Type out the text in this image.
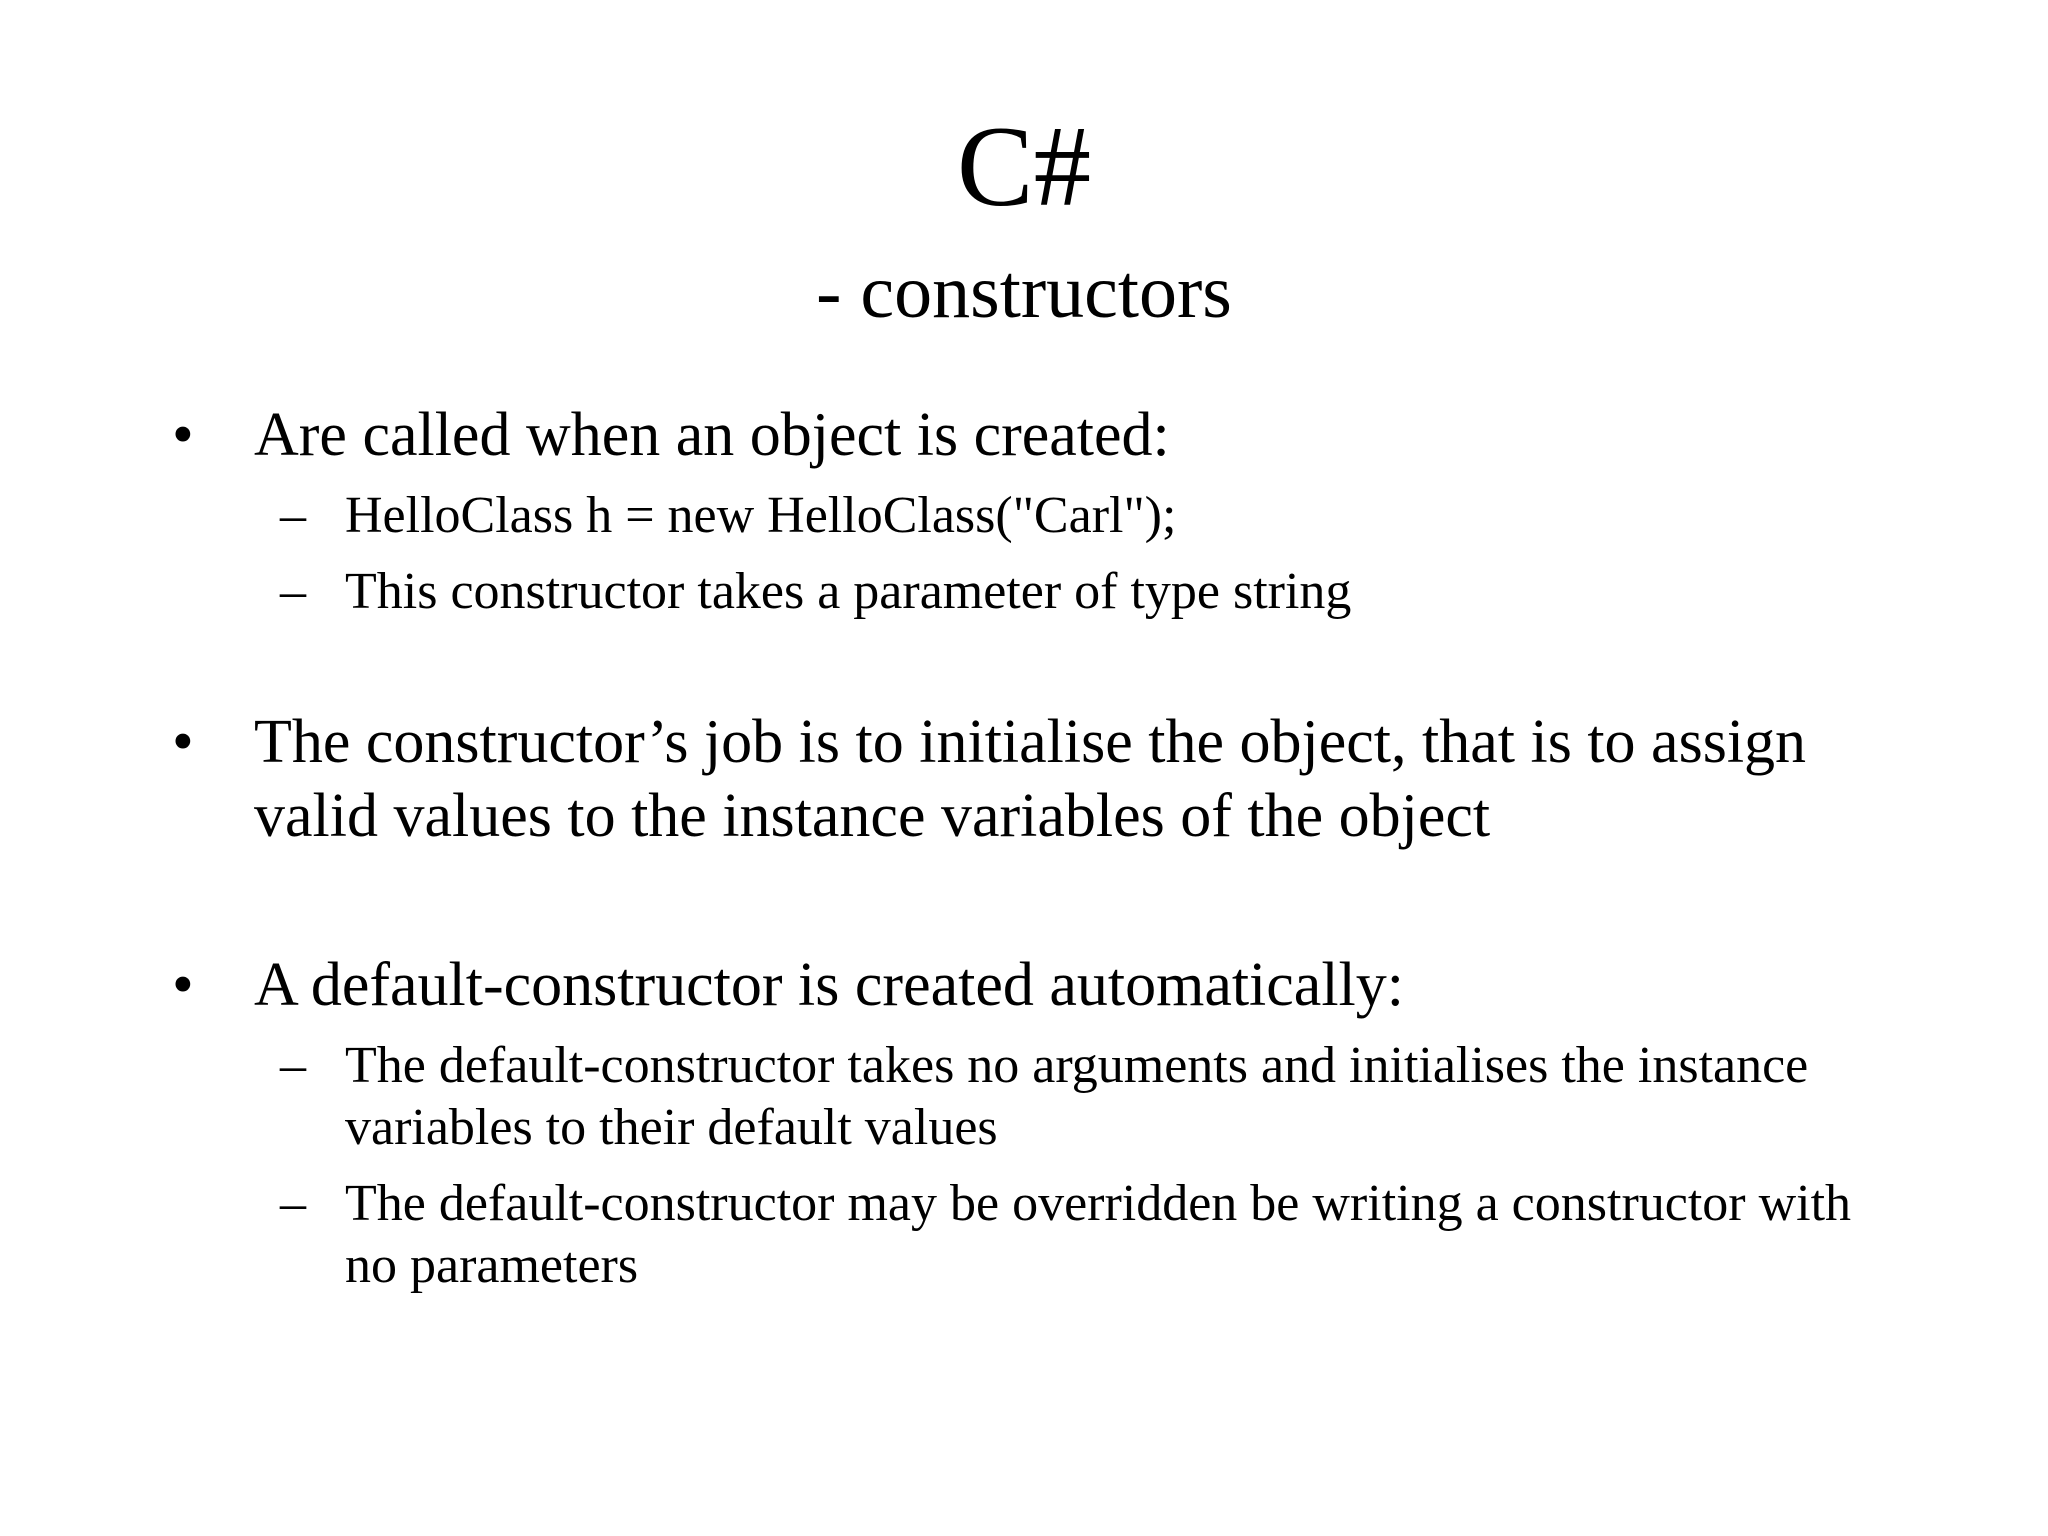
C#
- constructors
• Are called when an object is created:
– HelloClass h = new HelloClass("Carl");
– This constructor takes a parameter of type string
• The constructor’s job is to initialise the object, that is to assign valid values to the instance variables of the object
• A default-constructor is created automatically:
– The default-constructor takes no arguments and initialises the instance variables to their default values
– The default-constructor may be overridden be writing a constructor with no parameters
